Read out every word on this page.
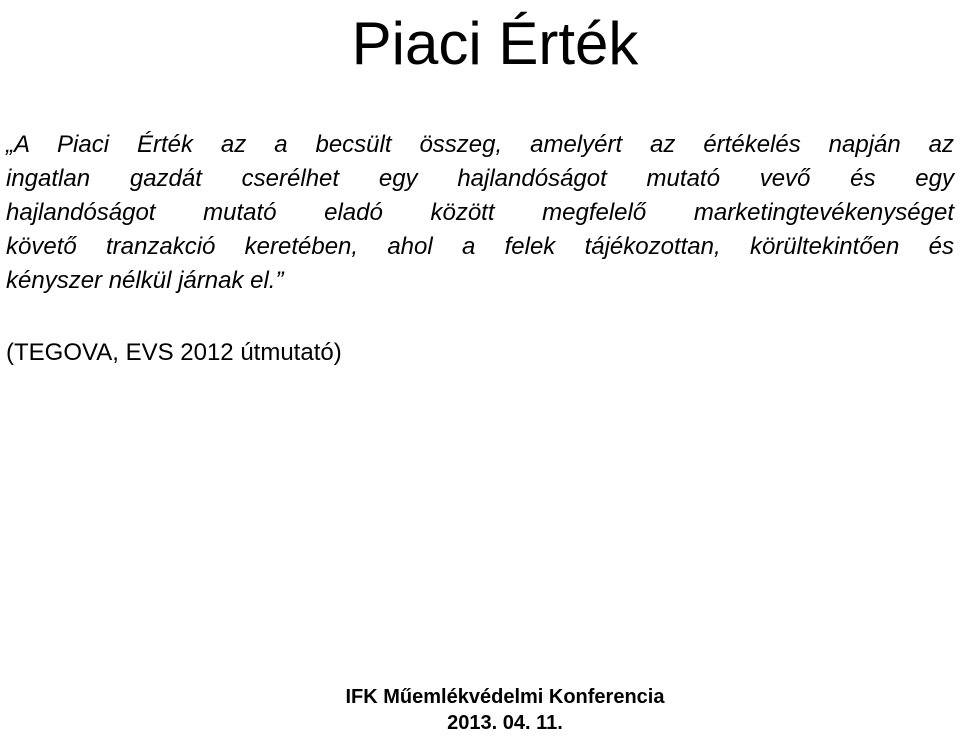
Piaci Érték

„A Piaci Érték az a becsült összeg, amelyért az értékelés napján az
ingatlan gazdát cserélhet egy hajlandóságot mutató vevő és egy
hajlandóságot mutató eladó között megfelelő marketingtevékenységet
követő tranzakció keretében, ahol a felek tájékozottan, körültekintően és
kényszer nélkül járnak el.”

(TEGOVA, EVS 2012 útmutató)

IFK Műemlékvédelmi Konferencia
2013. 04. 11.
